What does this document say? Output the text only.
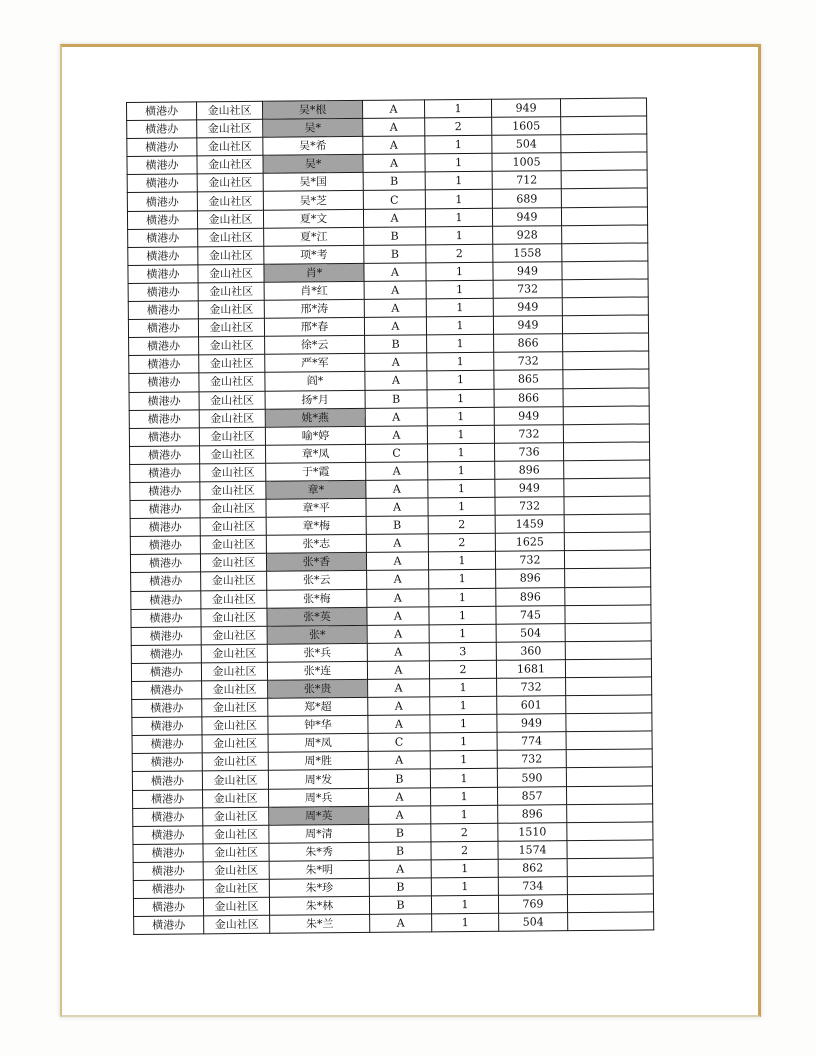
横港办	金山社区	吴*根	A	1	949	
横港办	金山社区	吴*	A	2	1605	
横港办	金山社区	吴*希	A	1	504	
横港办	金山社区	吴*	A	1	1005	
横港办	金山社区	吴*国	B	1	712	
横港办	金山社区	吴*芝	C	1	689	
横港办	金山社区	夏*文	A	1	949	
横港办	金山社区	夏*江	B	1	928	
横港办	金山社区	项*考	B	2	1558	
横港办	金山社区	肖*	A	1	949	
横港办	金山社区	肖*红	A	1	732	
横港办	金山社区	邢*涛	A	1	949	
横港办	金山社区	邢*春	A	1	949	
横港办	金山社区	徐*云	B	1	866	
横港办	金山社区	严*军	A	1	732	
横港办	金山社区	阎*	A	1	865	
横港办	金山社区	扬*月	B	1	866	
横港办	金山社区	姚*燕	A	1	949	
横港办	金山社区	喻*婷	A	1	732	
横港办	金山社区	章*凤	C	1	736	
横港办	金山社区	于*霞	A	1	896	
横港办	金山社区	章*	A	1	949	
横港办	金山社区	章*平	A	1	732	
横港办	金山社区	章*梅	B	2	1459	
横港办	金山社区	张*志	A	2	1625	
横港办	金山社区	张*香	A	1	732	
横港办	金山社区	张*云	A	1	896	
横港办	金山社区	张*梅	A	1	896	
横港办	金山社区	张*英	A	1	745	
横港办	金山社区	张*	A	1	504	
横港办	金山社区	张*兵	A	3	360	
横港办	金山社区	张*连	A	2	1681	
横港办	金山社区	张*贵	A	1	732	
横港办	金山社区	郑*超	A	1	601	
横港办	金山社区	钟*华	A	1	949	
横港办	金山社区	周*凤	C	1	774	
横港办	金山社区	周*胜	A	1	732	
横港办	金山社区	周*发	B	1	590	
横港办	金山社区	周*兵	A	1	857	
横港办	金山社区	周*英	A	1	896	
横港办	金山社区	周*清	B	2	1510	
横港办	金山社区	朱*秀	B	2	1574	
横港办	金山社区	朱*明	A	1	862	
横港办	金山社区	朱*珍	B	1	734	
横港办	金山社区	朱*林	B	1	769	
横港办	金山社区	朱*兰	A	1	504	
